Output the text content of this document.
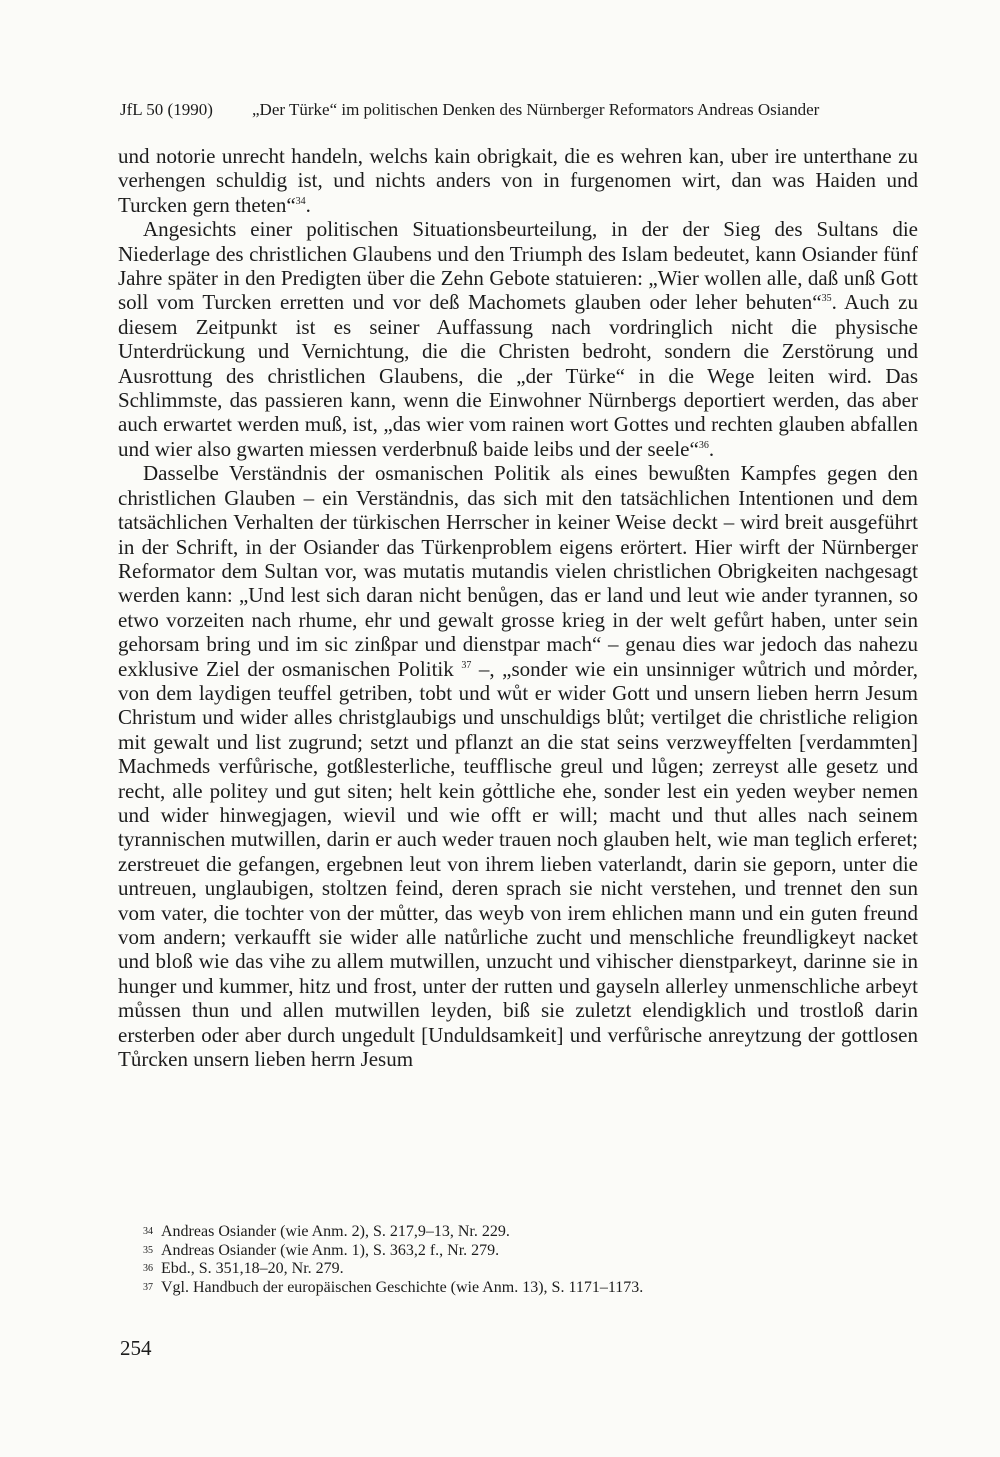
JfL 50 (1990) „Der Türke“ im politischen Denken des Nürnberger Reformators Andreas Osiander

und notorie unrecht handeln, welchs kain obrigkait, die es wehren kan, uber ire unterthane zu verhengen schuldig ist, und nichts anders von in furgenomen wirt, dan was Haiden und Turcken gern theten“$^{34}$.

Angesichts einer politischen Situationsbeurteilung, in der der Sieg des Sultans die Niederlage des christlichen Glaubens und den Triumph des Islam bedeutet, kann Osiander fünf Jahre später in den Predigten über die Zehn Gebote statuieren: „Wier wollen alle, daß unß Gott soll vom Turcken erretten und vor deß Machomets glauben oder leher behuten“$^{35}$. Auch zu diesem Zeitpunkt ist es seiner Auffassung nach vordringlich nicht die physische Unterdrückung und Vernichtung, die die Christen bedroht, sondern die Zerstörung und Ausrottung des christlichen Glaubens, die „der Türke“ in die Wege leiten wird. Das Schlimmste, das passieren kann, wenn die Einwohner Nürnbergs deportiert werden, das aber auch erwartet werden muß, ist, „das wier vom rainen wort Gottes und rechten glauben abfallen und wier also gwarten miessen verderbnuß baide leibs und der seele“$^{36}$.

Dasselbe Verständnis der osmanischen Politik als eines bewußten Kampfes gegen den christlichen Glauben – ein Verständnis, das sich mit den tatsächlichen Intentionen und dem tatsächlichen Verhalten der türkischen Herrscher in keiner Weise deckt – wird breit ausgeführt in der Schrift, in der Osiander das Türkenproblem eigens erörtert. Hier wirft der Nürnberger Reformator dem Sultan vor, was mutatis mutandis vielen christlichen Obrigkeiten nachgesagt werden kann: „Und lest sich daran nicht benůgen, das er land und leut wie ander tyrannen, so etwo vorzeiten nach rhume, ehr und gewalt grosse krieg in der welt gefůrt haben, unter sein gehorsam bring und im sic zinßpar und dienstpar mach“ – genau dies war jedoch das nahezu exklusive Ziel der osmanischen Politik $^{37}$ –, „sonder wie ein unsinniger wůtrich und mỏrder, von dem laydigen teuffel getriben, tobt und wůt er wider Gott und unsern lieben herrn Jesum Christum und wider alles christglaubigs und unschuldigs blůt; vertilget die christliche religion mit gewalt und list zugrund; setzt und pflanzt an die stat seins verzweyffelten [verdammten] Machmeds verfůrische, gotßlesterliche, teufflische greul und lůgen; zerreyst alle gesetz und recht, alle politey und gut siten; helt kein gỏttliche ehe, sonder lest ein yeden weyber nemen und wider hinwegjagen, wievil und wie offt er will; macht und thut alles nach seinem tyrannischen mutwillen, darin er auch weder trauen noch glauben helt, wie man teglich erferet; zerstreuet die gefangen, ergebnen leut von ihrem lieben vaterlandt, darin sie geporn, unter die untreuen, unglaubigen, stoltzen feind, deren sprach sie nicht verstehen, und trennet den sun vom vater, die tochter von der můtter, das weyb von irem ehlichen mann und ein guten freund vom andern; verkaufft sie wider alle natůrliche zucht und menschliche freundligkeyt nacket und bloß wie das vihe zu allem mutwillen, unzucht und vihischer dienstparkeyt, darinne sie in hunger und kummer, hitz und frost, unter der rutten und gayseln allerley unmenschliche arbeyt můssen thun und allen mutwillen leyden, biß sie zuletzt elendigklich und trostloß darin ersterben oder aber durch ungedult [Unduldsamkeit] und verfůrische anreytzung der gottlosen Tůrcken unsern lieben herrn Jesum

34 Andreas Osiander (wie Anm. 2), S. 217,9–13, Nr. 229.

35 Andreas Osiander (wie Anm. 1), S. 363,2 f., Nr. 279.

36 Ebd., S. 351,18–20, Nr. 279.

37 Vgl. Handbuch der europäischen Geschichte (wie Anm. 13), S. 1171–1173.

254
